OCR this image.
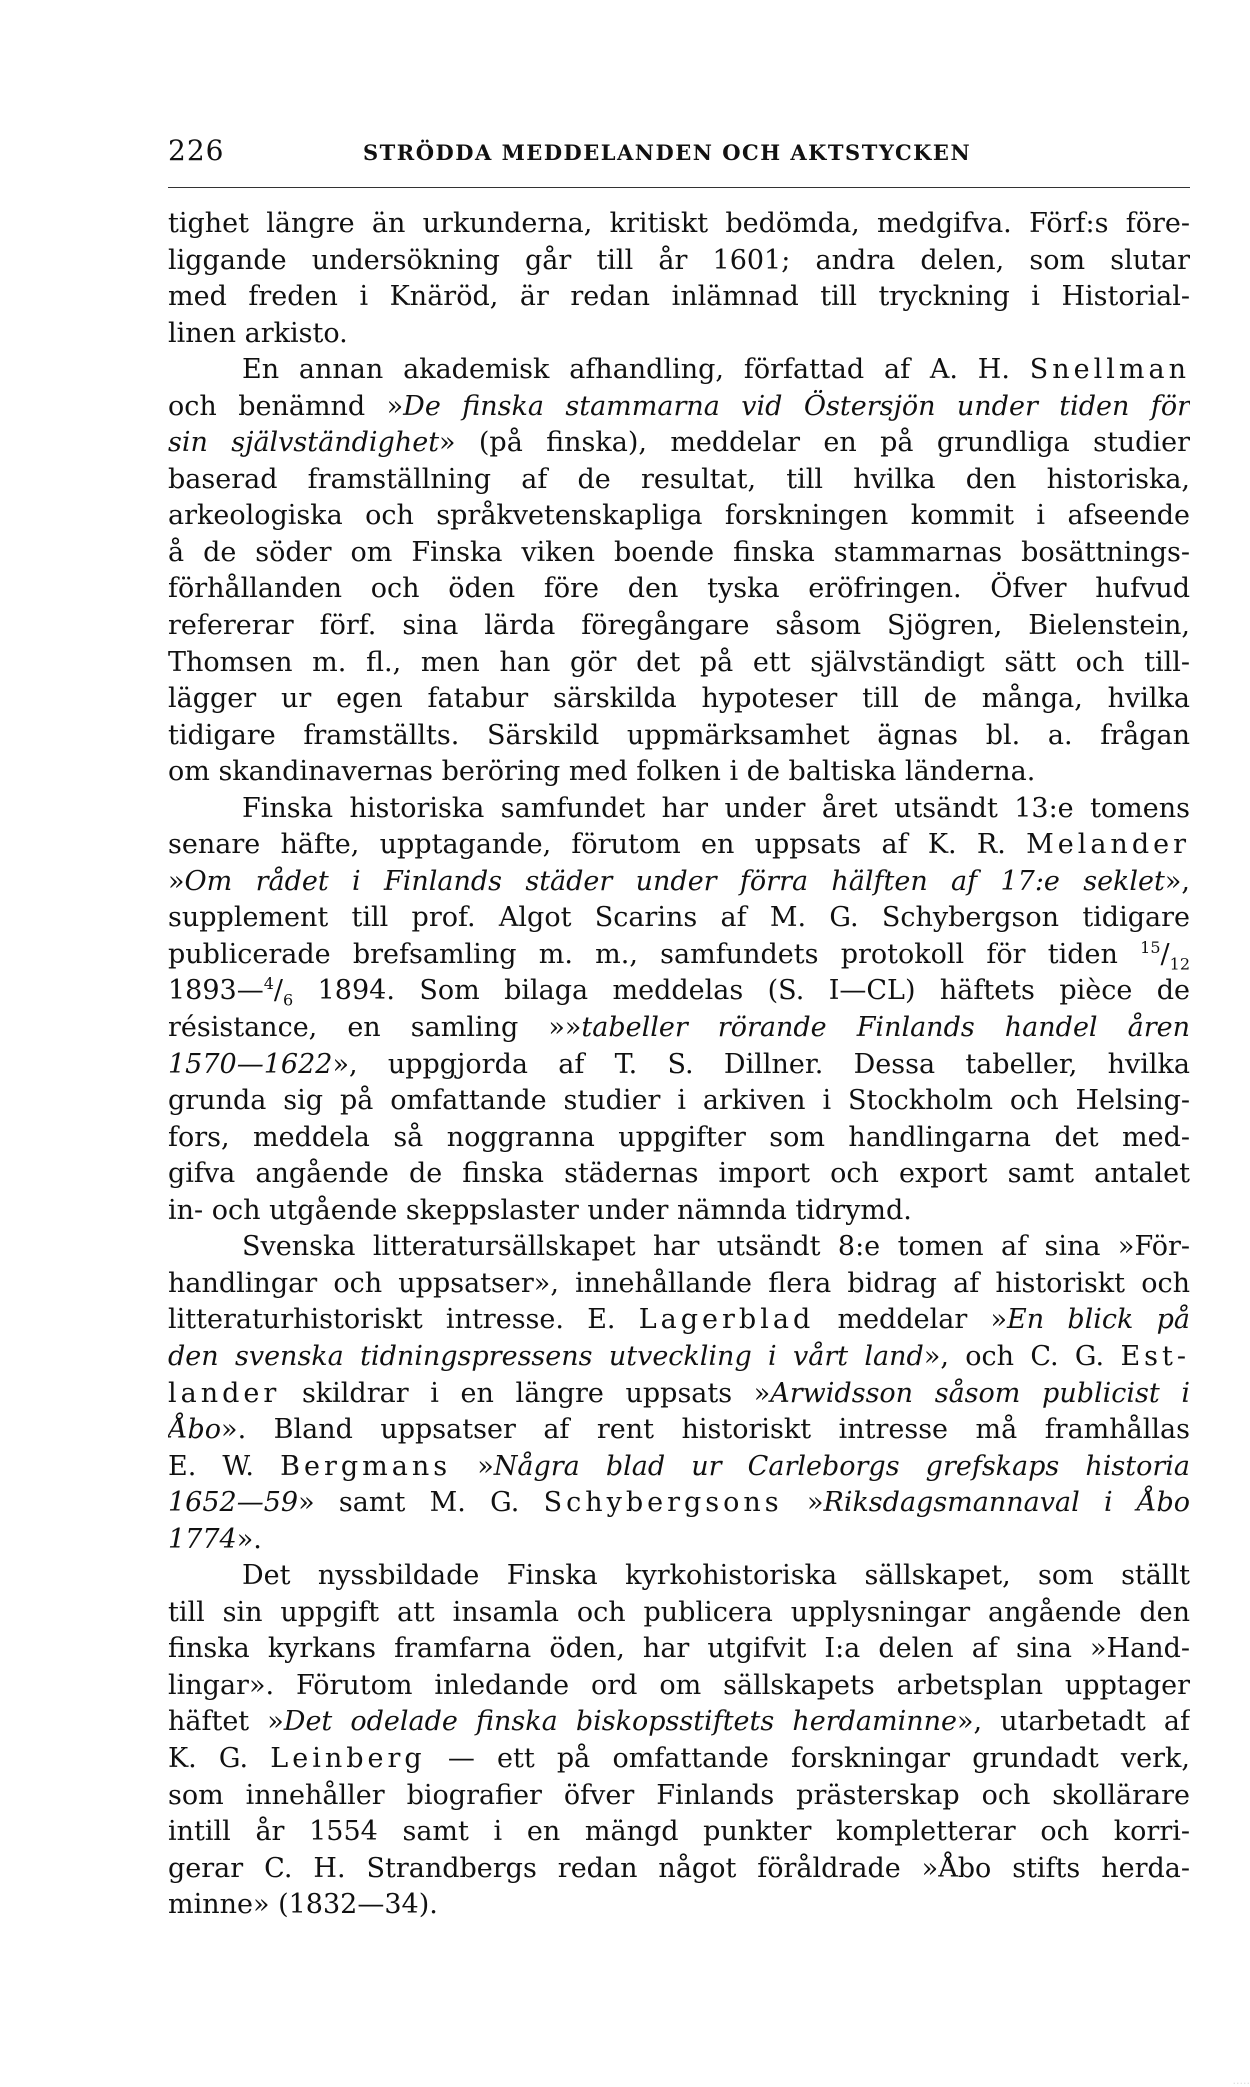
226	STRÖDDA MEDDELANDEN OCH AKTSTYCKEN
tighet längre än urkunderna, kritiskt bedömda, medgifva. Förf:s före-
liggande undersökning går till år 1601; andra delen, som slutar
med freden i Knäröd, är redan inlämnad till tryckning i Historial-
linen arkisto.
En annan akademisk afhandling, författad af A. H. Snellman
och benämnd »De finska stammarna vid Östersjön under tiden för
sin självständighet» (på finska), meddelar en på grundliga studier
baserad framställning af de resultat, till hvilka den historiska,
arkeologiska och språkvetenskapliga forskningen kommit i afseende
å de söder om Finska viken boende finska stammarnas bosättnings-
förhållanden och öden före den tyska eröfringen. Öfver hufvud
refererar förf. sina lärda föregångare såsom Sjögren, Bielenstein,
Thomsen m. fl., men han gör det på ett självständigt sätt och till-
lägger ur egen fatabur särskilda hypoteser till de många, hvilka
tidigare framställts. Särskild uppmärksamhet ägnas bl. a. frågan
om skandinavernas beröring med folken i de baltiska länderna.
Finska historiska samfundet har under året utsändt 13:e tomens
senare häfte, upptagande, förutom en uppsats af K. R. Melander
»Om rådet i Finlands städer under förra hälften af 17:e seklet»,
supplement till prof. Algot Scarins af M. G. Schybergson tidigare
publicerade brefsamling m. m., samfundets protokoll för tiden $^{15}/_{12}$
$1893—^4/_6$ 1894. Som bilaga meddelas (S. I—CL) häftets pièce de
résistance, en samling »»tabeller rörande Finlands handel åren
1570—1622», uppgjorda af T. S. Dillner. Dessa tabeller, hvilka
grunda sig på omfattande studier i arkiven i Stockholm och Helsing-
fors, meddela så noggranna uppgifter som handlingarna det med-
gifva angående de finska städernas import och export samt antalet
in- och utgående skeppslaster under nämnda tidrymd.
Svenska litteratursällskapet har utsändt 8:e tomen af sina »För-
handlingar och uppsatser», innehållande flera bidrag af historiskt och
litteraturhistoriskt intresse. E. Lagerblad meddelar »En blick på
den svenska tidningspressens utveckling i vårt land», och C. G. Est-
lander skildrar i en längre uppsats »Arwidsson såsom publicist i
Åbo». Bland uppsatser af rent historiskt intresse må framhållas
E. W. Bergmans »Några blad ur Carleborgs grefskaps historia
1652—59» samt M. G. Schybergsons »Riksdagsmannaval i Åbo
1774».
Det nyssbildade Finska kyrkohistoriska sällskapet, som ställt
till sin uppgift att insamla och publicera upplysningar angående den
finska kyrkans framfarna öden, har utgifvit I:a delen af sina »Hand-
lingar». Förutom inledande ord om sällskapets arbetsplan upptager
häftet »Det odelade finska biskopsstiftets herdaminne», utarbetadt af
K. G. Leinberg — ett på omfattande forskningar grundadt verk,
som innehåller biografier öfver Finlands prästerskap och skollärare
intill år 1554 samt i en mängd punkter kompletterar och korri-
gerar C. H. Strandbergs redan något föråldrade »Åbo stifts herda-
minne» (1832—34).
.....
